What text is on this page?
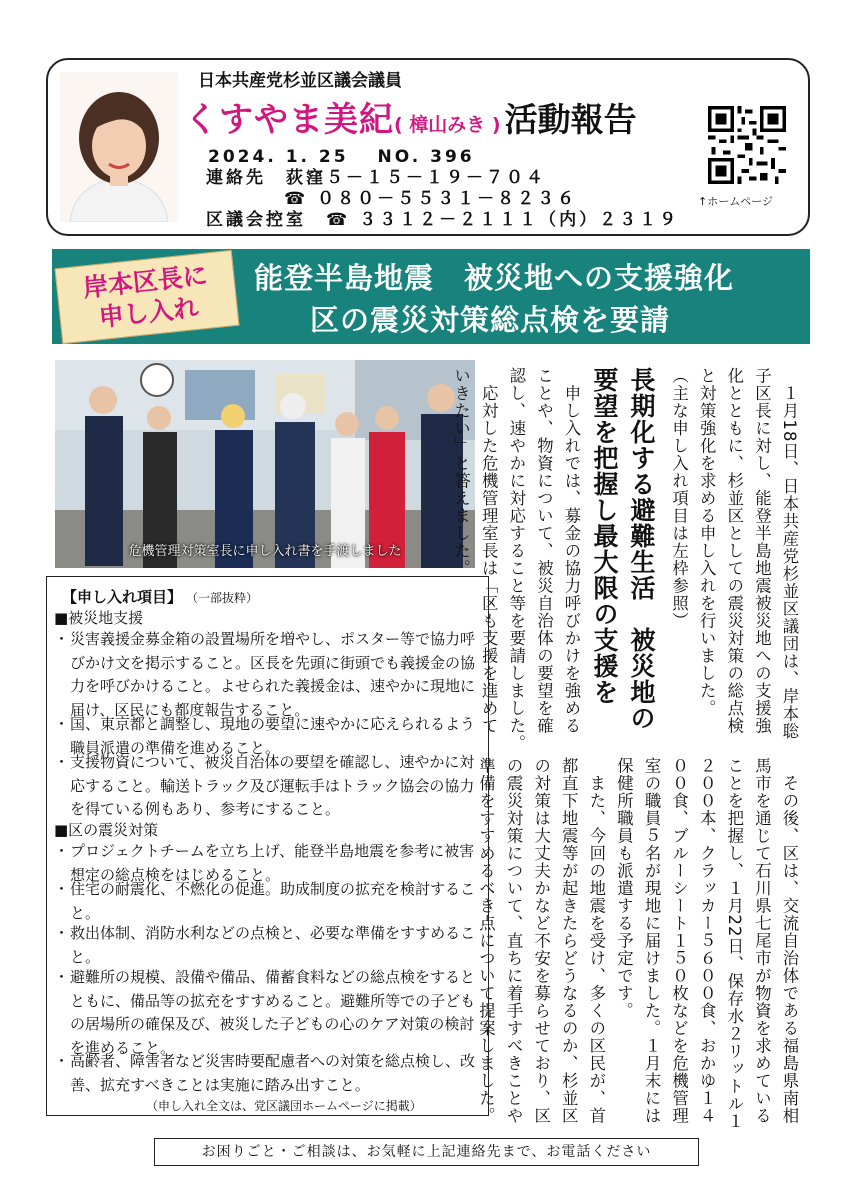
日本共産党杉並区議会議員
くすやま美紀( 樟山みき ) 活動報告
2024. 1. 25　 NO. 396
連絡先　荻窪５－１５－１９－７０４
☎ ０８０－５５３１－８２３６
区議会控室　☎ ３３１２－２１１１（内）２３１９
↑ホームページ
岸本区長に
申し入れ
能登半島地震　被災地への支援強化
区の震災対策総点検を要請
危機管理対策室長に申し入れ書を手渡しました	　１月18日、日本共産党杉並区議団は、岸本聡
子区長に対し、能登半島地震被災地への支援強
化とともに、杉並区としての震災対策の総点検
と対策強化を求める申し入れを行いました。
（主な申し入れ項目は左枠参照）
長期化する避難生活　被災地の
要望を把握し最大限の支援を
　申し入れでは、募金の協力呼びかけを強める
ことや、物資について、被災自治体の要望を確
認し、速やかに対応すること等を要請しました。
　応対した危機管理室長は「区も支援を進めて
いきたい」と答えました。
　その後、区は、交流自治体である福島県南相
馬市を通じて石川県七尾市が物資を求めている
ことを把握し、１月22日、保存水２リットル１
２００本、クラッカー５６００食、おかゆ１４
００食、ブルーシート１５０枚などを危機管理
室の職員５名が現地に届けました。１月末には
保健所職員も派遣する予定です。
　また、今回の地震を受け、多くの区民が、首
都直下地震等が起きたらどうなるのか、杉並区
の対策は大丈夫かなど不安を募らせており、区
の震災対策について、直ちに着手すべきことや
準備をすすめるべき点について提案しました。
【申し入れ項目】 （一部抜粋）
■被災地支援
・ 災害義援金募金箱の設置場所を増やし、ポスター等で協力呼びかけ文を掲示すること。区長を先頭に街頭でも義援金の協力を呼びかけること。よせられた義援金は、速やかに現地に届け、区民にも都度報告すること。
・ 国、東京都と調整し、現地の要望に速やかに応えられるよう職員派遣の準備を進めること。
・ 支援物資について、被災自治体の要望を確認し、速やかに対応すること。輸送トラック及び運転手はトラック協会の協力を得ている例もあり、参考にすること。
■区の震災対策
・ プロジェクトチームを立ち上げ、能登半島地震を参考に被害想定の総点検をはじめること。
・ 住宅の耐震化、不燃化の促進。助成制度の拡充を検討すること。
・ 救出体制、消防水利などの点検と、必要な準備をすすめること。
・ 避難所の規模、設備や備品、備蓄食料などの総点検をするとともに、備品等の拡充をすすめること。避難所等での子どもの居場所の確保及び、被災した子どもの心のケア対策の検討を進めること。
・ 高齢者、障害者など災害時要配慮者への対策を総点検し、改善、拡充すべきことは実施に踏み出すこと。
（申し入れ全文は、党区議団ホームページに掲載）
お困りごと・ご相談は、お気軽に上記連絡先まで、お電話ください
